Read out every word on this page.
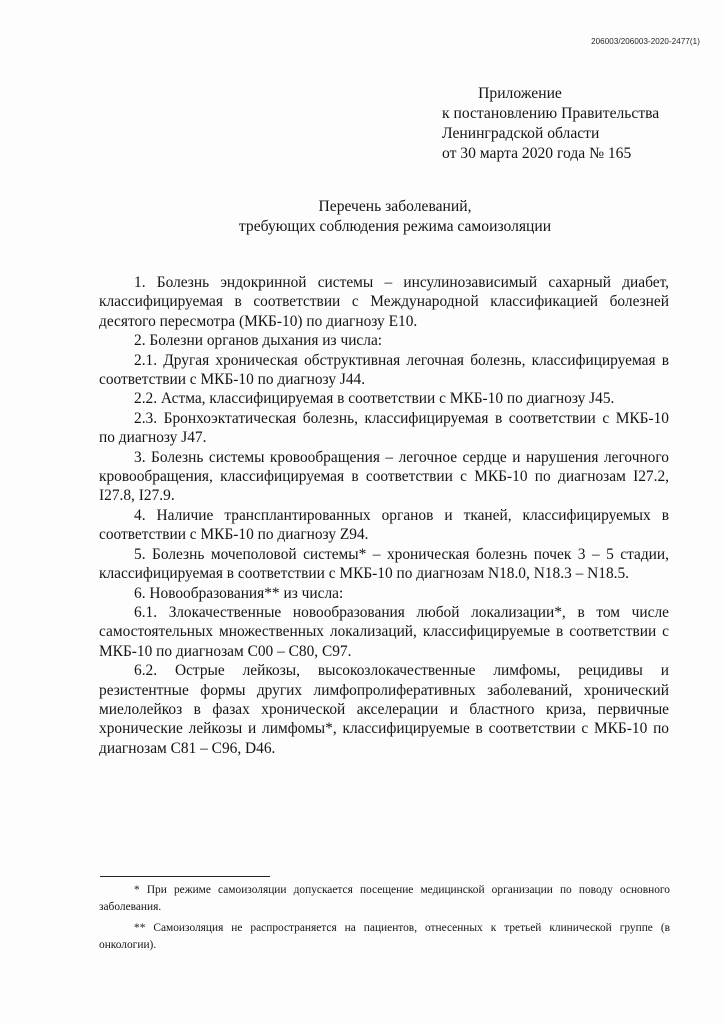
206003/206003-2020-2477(1)
Приложение
к постановлению Правительства
Ленинградской области
от 30 марта 2020 года № 165
Перечень заболеваний,
требующих соблюдения режима самоизоляции

1. Болезнь эндокринной системы – инсулинозависимый сахарный диабет, классифицируемая в соответствии с Международной классификацией болезней десятого пересмотра (МКБ-10) по диагнозу E10.

2. Болезни органов дыхания из числа:

2.1. Другая хроническая обструктивная легочная болезнь, классифицируемая в соответствии с МКБ-10 по диагнозу J44.

2.2. Астма, классифицируемая в соответствии с МКБ-10 по диагнозу J45.

2.3. Бронхоэктатическая болезнь, классифицируемая в соответствии с МКБ-10 по диагнозу J47.

3. Болезнь системы кровообращения – легочное сердце и нарушения легочного кровообращения, классифицируемая в соответствии с МКБ-10 по диагнозам I27.2, I27.8, I27.9.

4. Наличие трансплантированных органов и тканей, классифицируемых в соответствии с МКБ-10 по диагнозу Z94.

5. Болезнь мочеполовой системы* – хроническая болезнь почек 3 – 5 стадии, классифицируемая в соответствии с МКБ-10 по диагнозам N18.0, N18.3 – N18.5.

6. Новообразования** из числа:

6.1. Злокачественные новообразования любой локализации*, в том числе самостоятельных множественных локализаций, классифицируемые в соответствии с МКБ-10 по диагнозам C00 – C80, C97.

6.2. Острые лейкозы, высокозлокачественные лимфомы, рецидивы и резистентные формы других лимфопролиферативных заболеваний, хронический миелолейкоз в фазах хронической акселерации и бластного криза, первичные хронические лейкозы и лимфомы*, классифицируемые в соответствии с МКБ-10 по диагнозам C81 – C96, D46.

* При режиме самоизоляции допускается посещение медицинской организации по поводу основного заболевания.

** Самоизоляция не распространяется на пациентов, отнесенных к третьей клинической группе (в онкологии).
